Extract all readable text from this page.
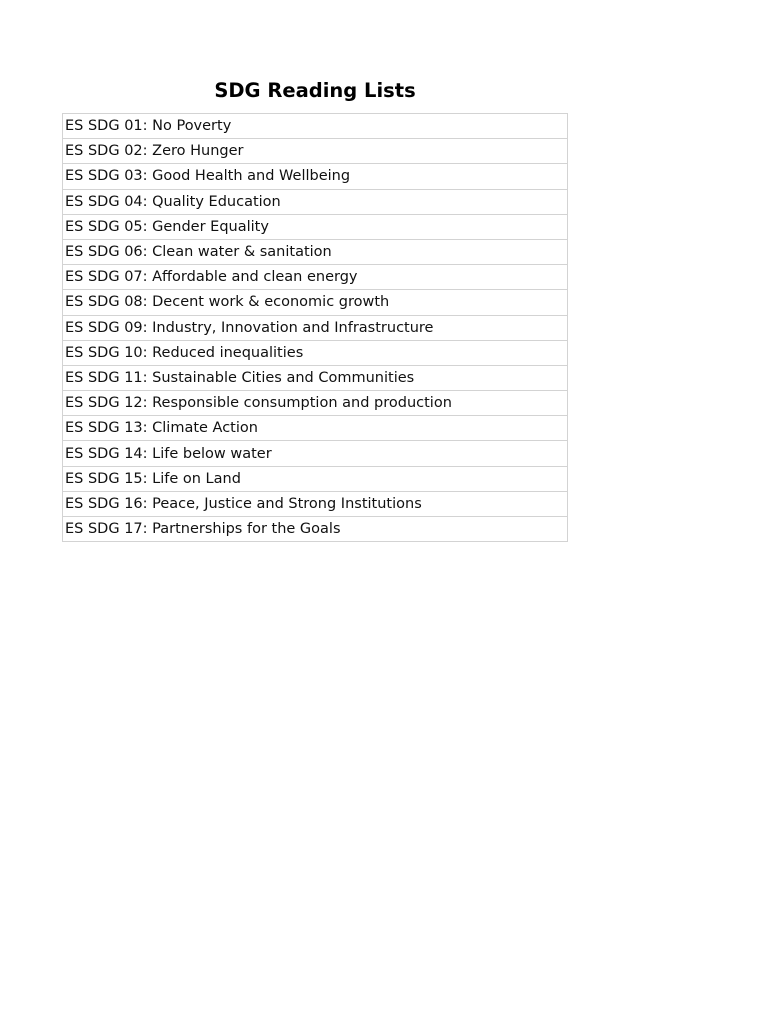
SDG Reading Lists
ES SDG 01: No Poverty
ES SDG 02: Zero Hunger
ES SDG 03: Good Health and Wellbeing
ES SDG 04: Quality Education
ES SDG 05: Gender Equality
ES SDG 06: Clean water & sanitation
ES SDG 07: Affordable and clean energy
ES SDG 08: Decent work & economic growth
ES SDG 09: Industry, Innovation and Infrastructure
ES SDG 10: Reduced inequalities
ES SDG 11: Sustainable Cities and Communities
ES SDG 12: Responsible consumption and production
ES SDG 13: Climate Action
ES SDG 14: Life below water
ES SDG 15: Life on Land
ES SDG 16: Peace, Justice and Strong Institutions
ES SDG 17: Partnerships for the Goals
